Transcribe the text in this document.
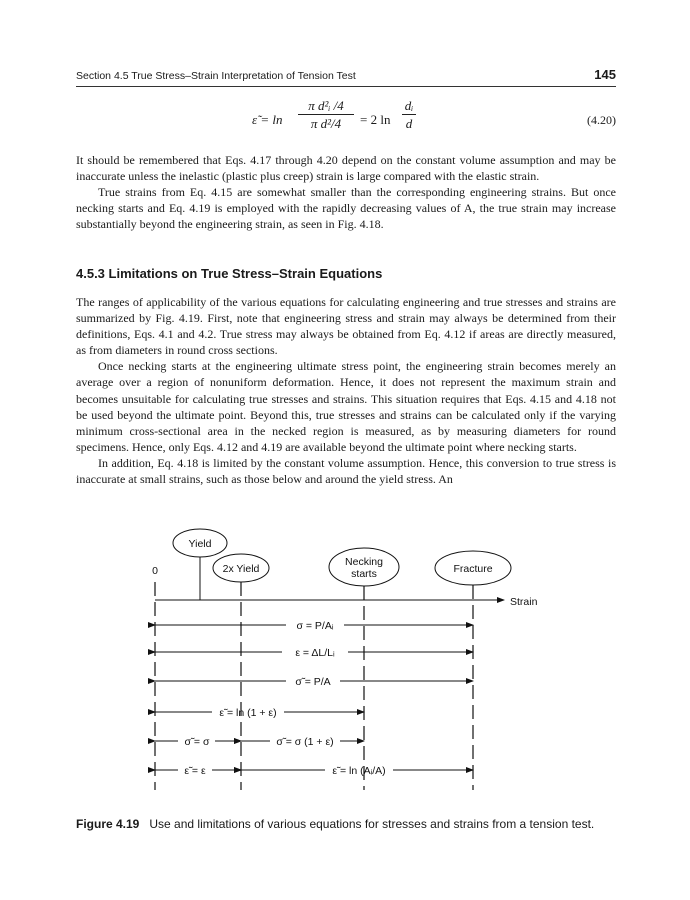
Section 4.5 True Stress–Strain Interpretation of Tension Test	145
ε̃ = ln
π d²ᵢ /4
π d²/4	= 2 ln
dᵢ
d	(4.20)

It should be remembered that Eqs. 4.17 through 4.20 depend on the constant volume assumption and may be inaccurate unless the inelastic (plastic plus creep) strain is large compared with the elastic strain.

True strains from Eq. 4.15 are somewhat smaller than the corresponding engineering strains. But once necking starts and Eq. 4.19 is employed with the rapidly decreasing values of A, the true strain may increase substantially beyond the engineering strain, as seen in Fig. 4.18.

4.5.3 Limitations on True Stress–Strain Equations

The ranges of applicability of the various equations for calculating engineering and true stresses and strains are summarized by Fig. 4.19. First, note that engineering stress and strain may always be determined from their definitions, Eqs. 4.1 and 4.2. True stress may always be obtained from Eq. 4.12 if areas are directly measured, as from diameters in round cross sections.

Once necking starts at the engineering ultimate stress point, the engineering strain becomes merely an average over a region of nonuniform deformation. Hence, it does not represent the maximum strain and becomes unsuitable for calculating true stresses and strains. This situation requires that Eqs. 4.15 and 4.18 not be used beyond the ultimate point. Beyond this, true stresses and strains can be calculated only if the varying minimum cross-sectional area in the necked region is measured, as by measuring diameters for round specimens. Hence, only Eqs. 4.12 and 4.19 are available beyond the ultimate point where necking starts.

In addition, Eq. 4.18 is limited by the constant volume assumption. Hence, this conversion to true stress is inaccurate at small strains, such as those below and around the yield stress. An

Yield
2x Yield
Necking
starts	Fracture
0
Strain
σ = P/Aᵢ
ε = ΔL/Lᵢ
σ̃ = P/A
ε̃ = ln (1 + ε)
σ̃ = σ	σ̃ = σ (1 + ε)
ε̃ = ε	ε̃ = ln (Aᵢ/A)
Figure 4.19 Use and limitations of various equations for stresses and strains from a tension test.
